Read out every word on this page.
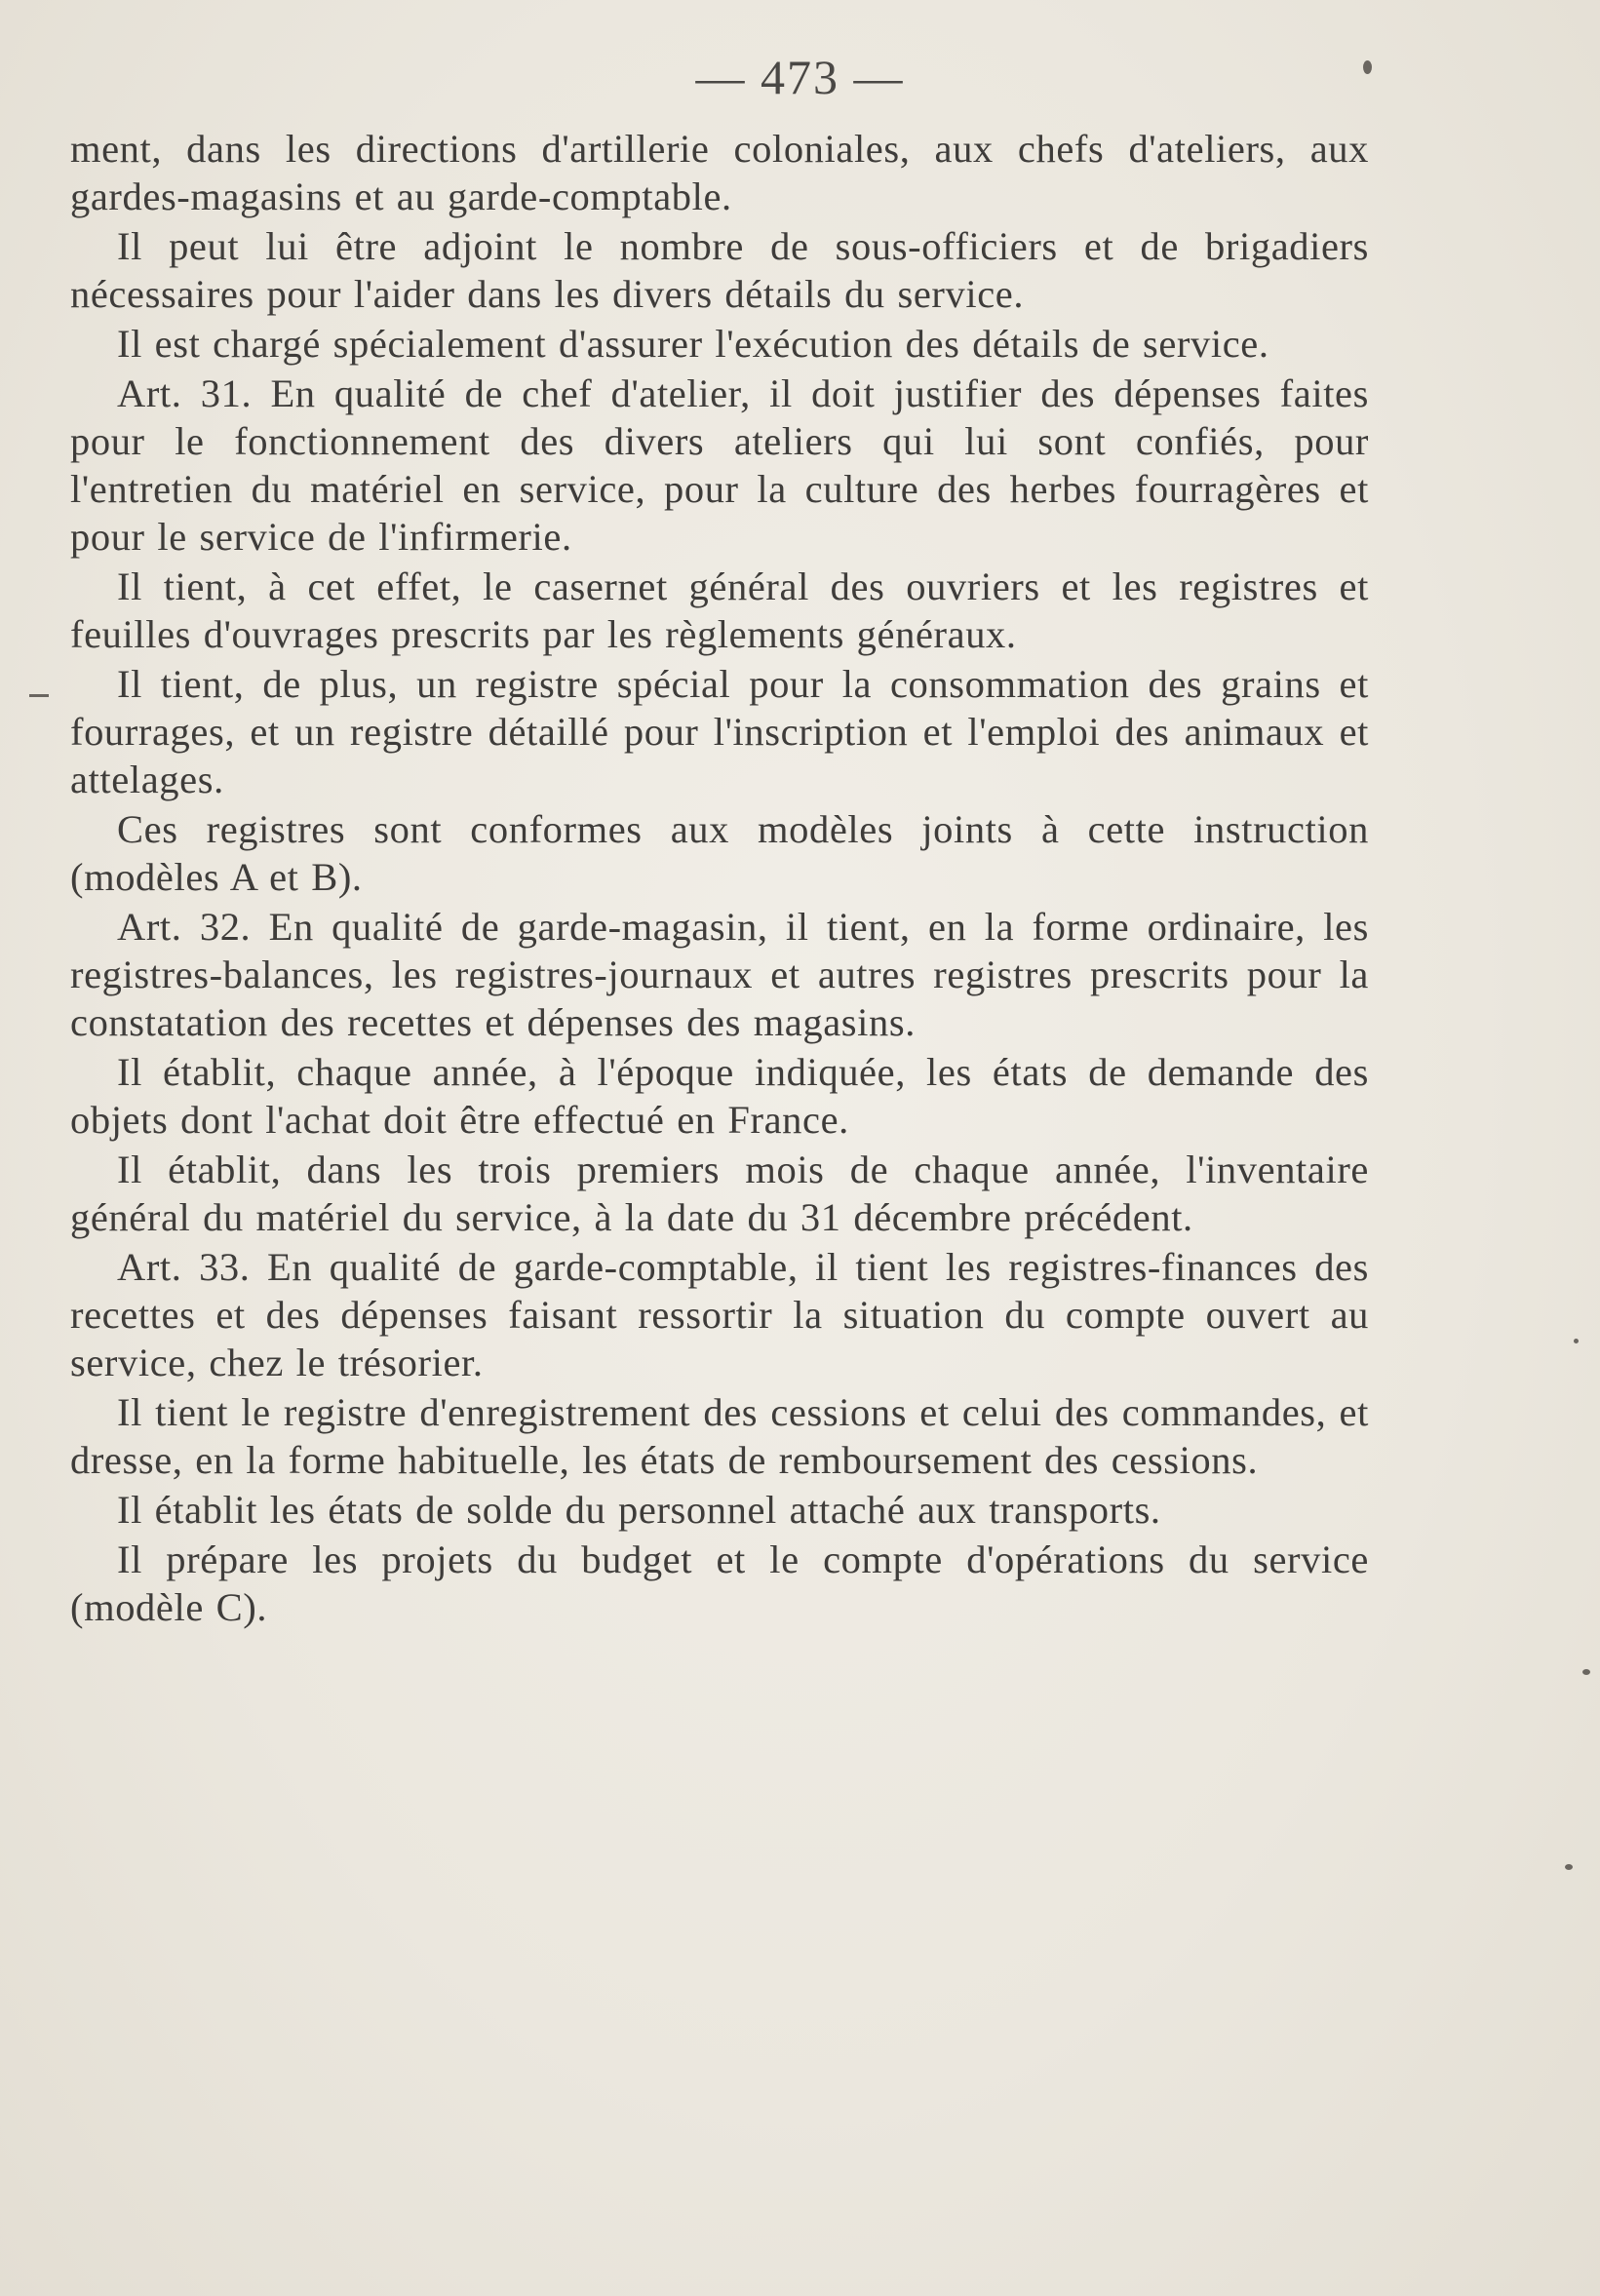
— 473 —

ment, dans les directions d'artillerie coloniales, aux chefs d'ateliers, aux gardes-magasins et au garde-comptable.

Il peut lui être adjoint le nombre de sous-officiers et de brigadiers nécessaires pour l'aider dans les divers détails du service.

Il est chargé spécialement d'assurer l'exécution des détails de service.

Art. 31. En qualité de chef d'atelier, il doit justifier des dépenses faites pour le fonctionnement des divers ateliers qui lui sont confiés, pour l'entretien du matériel en service, pour la culture des herbes fourragères et pour le service de l'infirmerie.

Il tient, à cet effet, le casernet général des ouvriers et les registres et feuilles d'ouvrages prescrits par les règlements généraux.

Il tient, de plus, un registre spécial pour la consommation des grains et fourrages, et un registre détaillé pour l'inscription et l'emploi des animaux et attelages.

Ces registres sont conformes aux modèles joints à cette instruction (modèles A et B).

Art. 32. En qualité de garde-magasin, il tient, en la forme ordinaire, les registres-balances, les registres-journaux et autres registres prescrits pour la constatation des recettes et dépenses des magasins.

Il établit, chaque année, à l'époque indiquée, les états de demande des objets dont l'achat doit être effectué en France.

Il établit, dans les trois premiers mois de chaque année, l'inventaire général du matériel du service, à la date du 31 décembre précédent.

Art. 33. En qualité de garde-comptable, il tient les registres-finances des recettes et des dépenses faisant ressortir la situation du compte ouvert au service, chez le trésorier.

Il tient le registre d'enregistrement des cessions et celui des commandes, et dresse, en la forme habituelle, les états de remboursement des cessions.

Il établit les états de solde du personnel attaché aux transports.

Il prépare les projets du budget et le compte d'opérations du service (modèle C).
